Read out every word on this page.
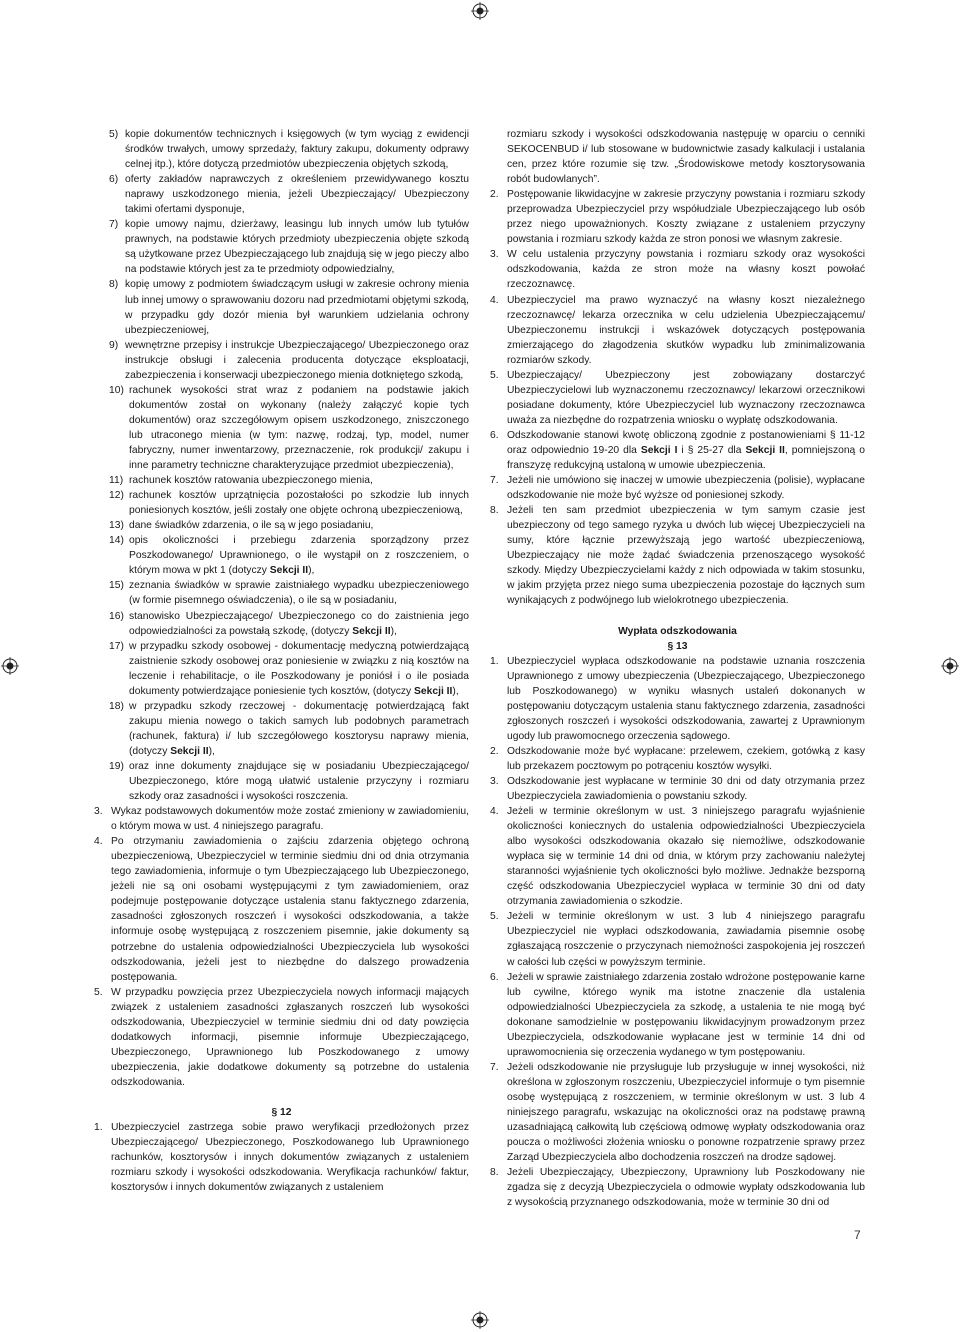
5) kopie dokumentów technicznych i księgowych (w tym wyciąg z ewidencji środków trwałych, umowy sprzedaży, faktury zakupu, dokumenty odprawy celnej itp.), które dotyczą przedmiotów ubezpieczenia objętych szkodą,
6) oferty zakładów naprawczych z określeniem przewidywanego kosztu naprawy uszkodzonego mienia, jeżeli Ubezpieczający/ Ubezpieczony takimi ofertami dysponuje,
7) kopie umowy najmu, dzierżawy, leasingu lub innych umów lub tytułów prawnych, na podstawie których przedmioty ubezpieczenia objęte szkodą są użytkowane przez Ubezpieczającego lub znajdują się w jego pieczy albo na podstawie których jest za te przedmioty odpowiedzialny,
8) kopię umowy z podmiotem świadczącym usługi w zakresie ochrony mienia lub innej umowy o sprawowaniu dozoru nad przedmiotami objętymi szkodą, w przypadku gdy dozór mienia był warunkiem udzielania ochrony ubezpieczeniowej,
9) wewnętrzne przepisy i instrukcje Ubezpieczającego/ Ubezpieczonego oraz instrukcje obsługi i zalecenia producenta dotyczące eksploatacji, zabezpieczenia i konserwacji ubezpieczonego mienia dotkniętego szkodą,
10) rachunek wysokości strat wraz z podaniem na podstawie jakich dokumentów został on wykonany (należy załączyć kopie tych dokumentów) oraz szczegółowym opisem uszkodzonego, zniszczonego lub utraconego mienia (w tym: nazwę, rodzaj, typ, model, numer fabryczny, numer inwentarzowy, przeznaczenie, rok produkcji/ zakupu i inne parametry techniczne charakteryzujące przedmiot ubezpieczenia),
11) rachunek kosztów ratowania ubezpieczonego mienia,
12) rachunek kosztów uprzątnięcia pozostałości po szkodzie lub innych poniesionych kosztów, jeśli zostały one objęte ochroną ubezpieczeniową,
13) dane świadków zdarzenia, o ile są w jego posiadaniu,
14) opis okoliczności i przebiegu zdarzenia sporządzony przez Poszkodowanego/ Uprawnionego, o ile wystąpił on z roszczeniem, o którym mowa w pkt 1 (dotyczy Sekcji II),
15) zeznania świadków w sprawie zaistniałego wypadku ubezpieczeniowego (w formie pisemnego oświadczenia), o ile są w posiadaniu,
16) stanowisko Ubezpieczającego/ Ubezpieczonego co do zaistnienia jego odpowiedzialności za powstałą szkodę, (dotyczy Sekcji II),
17) w przypadku szkody osobowej - dokumentację medyczną potwierdzającą zaistnienie szkody osobowej oraz poniesienie w związku z nią kosztów na leczenie i rehabilitacje, o ile Poszkodowany je poniósł i o ile posiada dokumenty potwierdzające poniesienie tych kosztów, (dotyczy Sekcji II),
18) w przypadku szkody rzeczowej - dokumentację potwierdzającą fakt zakupu mienia nowego o takich samych lub podobnych parametrach (rachunek, faktura) i/ lub szczegółowego kosztorysu naprawy mienia, (dotyczy Sekcji II),
19) oraz inne dokumenty znajdujące się w posiadaniu Ubezpieczającego/ Ubezpieczonego, które mogą ułatwić ustalenie przyczyny i rozmiaru szkody oraz zasadności i wysokości roszczenia.
3. Wykaz podstawowych dokumentów może zostać zmieniony w zawiadomieniu, o którym mowa w ust. 4 niniejszego paragrafu.
4. Po otrzymaniu zawiadomienia o zajściu zdarzenia objętego ochroną ubezpieczeniową, Ubezpieczyciel w terminie siedmiu dni od dnia otrzymania tego zawiadomienia, informuje o tym Ubezpieczającego lub Ubezpieczonego, jeżeli nie są oni osobami występującymi z tym zawiadomieniem, oraz podejmuje postępowanie dotyczące ustalenia stanu faktycznego zdarzenia, zasadności zgłoszonych roszczeń i wysokości odszkodowania, a także informuje osobę występującą z roszczeniem pisemnie, jakie dokumenty są potrzebne do ustalenia odpowiedzialności Ubezpieczyciela lub wysokości odszkodowania, jeżeli jest to niezbędne do dalszego prowadzenia postępowania.
5. W przypadku powzięcia przez Ubezpieczyciela nowych informacji mających związek z ustaleniem zasadności zgłaszanych roszczeń lub wysokości odszkodowania, Ubezpieczyciel w terminie siedmiu dni od daty powzięcia dodatkowych informacji, pisemnie informuje Ubezpieczającego, Ubezpieczonego, Uprawnionego lub Poszkodowanego z umowy ubezpieczenia, jakie dodatkowe dokumenty są potrzebne do ustalenia odszkodowania.
§ 12
1. Ubezpieczyciel zastrzega sobie prawo weryfikacji przedłożonych przez Ubezpieczającego/ Ubezpieczonego, Poszkodowanego lub Uprawnionego rachunków, kosztorysów i innych dokumentów związanych z ustaleniem rozmiaru szkody i wysokości odszkodowania. Weryfikacja rachunków/ faktur, kosztorysów i innych dokumentów związanych z ustaleniem
rozmiaru szkody i wysokości odszkodowania następuję w oparciu o cenniki SEKOCENBUD i/ lub stosowane w budownictwie zasady kalkulacji i ustalania cen, przez które rozumie się tzw. „Środowiskowe metody kosztorysowania robót budowlanych”.
2. Postępowanie likwidacyjne w zakresie przyczyny powstania i rozmiaru szkody przeprowadza Ubezpieczyciel przy współudziale Ubezpieczającego lub osób przez niego upoważnionych. Koszty związane z ustaleniem przyczyny powstania i rozmiaru szkody każda ze stron ponosi we własnym zakresie.
3. W celu ustalenia przyczyny powstania i rozmiaru szkody oraz wysokości odszkodowania, każda ze stron może na własny koszt powołać rzeczoznawcę.
4. Ubezpieczyciel ma prawo wyznaczyć na własny koszt niezależnego rzeczoznawcę/ lekarza orzecznika w celu udzielenia Ubezpieczającemu/ Ubezpieczonemu instrukcji i wskazówek dotyczących postępowania zmierzającego do złagodzenia skutków wypadku lub zminimalizowania rozmiarów szkody.
5. Ubezpieczający/ Ubezpieczony jest zobowiązany dostarczyć Ubezpieczycielowi lub wyznaczonemu rzeczoznawcy/ lekarzowi orzecznikowi posiadane dokumenty, które Ubezpieczyciel lub wyznaczony rzeczoznawca uważa za niezbędne do rozpatrzenia wniosku o wypłatę odszkodowania.
6. Odszkodowanie stanowi kwotę obliczoną zgodnie z postanowieniami § 11-12 oraz odpowiednio 19-20 dla Sekcji I i § 25-27 dla Sekcji II, pomniejszoną o franszyzę redukcyjną ustaloną w umowie ubezpieczenia.
7. Jeżeli nie umówiono się inaczej w umowie ubezpieczenia (polisie), wypłacane odszkodowanie nie może być wyższe od poniesionej szkody.
8. Jeżeli ten sam przedmiot ubezpieczenia w tym samym czasie jest ubezpieczony od tego samego ryzyka u dwóch lub więcej Ubezpieczycieli na sumy, które łącznie przewyższają jego wartość ubezpieczeniową, Ubezpieczający nie może żądać świadczenia przenoszącego wysokość szkody. Między Ubezpieczycielami każdy z nich odpowiada w takim stosunku, w jakim przyjęta przez niego suma ubezpieczenia pozostaje do łącznych sum wynikających z podwójnego lub wielokrotnego ubezpieczenia.
Wypłata odszkodowania
§ 13
1. Ubezpieczyciel wypłaca odszkodowanie na podstawie uznania roszczenia Uprawnionego z umowy ubezpieczenia (Ubezpieczającego, Ubezpieczonego lub Poszkodowanego) w wyniku własnych ustaleń dokonanych w postępowaniu dotyczącym ustalenia stanu faktycznego zdarzenia, zasadności zgłoszonych roszczeń i wysokości odszkodowania, zawartej z Uprawnionym ugody lub prawomocnego orzeczenia sądowego.
2. Odszkodowanie może być wypłacane: przelewem, czekiem, gotówką z kasy lub przekazem pocztowym po potrąceniu kosztów wysyłki.
3. Odszkodowanie jest wypłacane w terminie 30 dni od daty otrzymania przez Ubezpieczyciela zawiadomienia o powstaniu szkody.
4. Jeżeli w terminie określonym w ust. 3 niniejszego paragrafu wyjaśnienie okoliczności koniecznych do ustalenia odpowiedzialności Ubezpieczyciela albo wysokości odszkodowania okazało się niemożliwe, odszkodowanie wypłaca się w terminie 14 dni od dnia, w którym przy zachowaniu należytej staranności wyjaśnienie tych okoliczności było możliwe. Jednakże bezsporną część odszkodowania Ubezpieczyciel wypłaca w terminie 30 dni od daty otrzymania zawiadomienia o szkodzie.
5. Jeżeli w terminie określonym w ust. 3 lub 4 niniejszego paragrafu Ubezpieczyciel nie wypłaci odszkodowania, zawiadamia pisemnie osobę zgłaszającą roszczenie o przyczynach niemożności zaspokojenia jej roszczeń w całości lub części w powyższym terminie.
6. Jeżeli w sprawie zaistniałego zdarzenia zostało wdrożone postępowanie karne lub cywilne, którego wynik ma istotne znaczenie dla ustalenia odpowiedzialności Ubezpieczyciela za szkodę, a ustalenia te nie mogą być dokonane samodzielnie w postępowaniu likwidacyjnym prowadzonym przez Ubezpieczyciela, odszkodowanie wypłacane jest w terminie 14 dni od uprawomocnienia się orzeczenia wydanego w tym postępowaniu.
7. Jeżeli odszkodowanie nie przysługuje lub przysługuje w innej wysokości, niż określona w zgłoszonym roszczeniu, Ubezpieczyciel informuje o tym pisemnie osobę występującą z roszczeniem, w terminie określonym w ust. 3 lub 4 niniejszego paragrafu, wskazując na okoliczności oraz na podstawę prawną uzasadniającą całkowitą lub częściową odmowę wypłaty odszkodowania oraz poucza o możliwości złożenia wniosku o ponowne rozpatrzenie sprawy przez Zarząd Ubezpieczyciela albo dochodzenia roszczeń na drodze sądowej.
8. Jeżeli Ubezpieczający, Ubezpieczony, Uprawniony lub Poszkodowany nie zgadza się z decyzją Ubezpieczyciela o odmowie wypłaty odszkodowania lub z wysokością przyznanego odszkodowania, może w terminie 30 dni od
7
